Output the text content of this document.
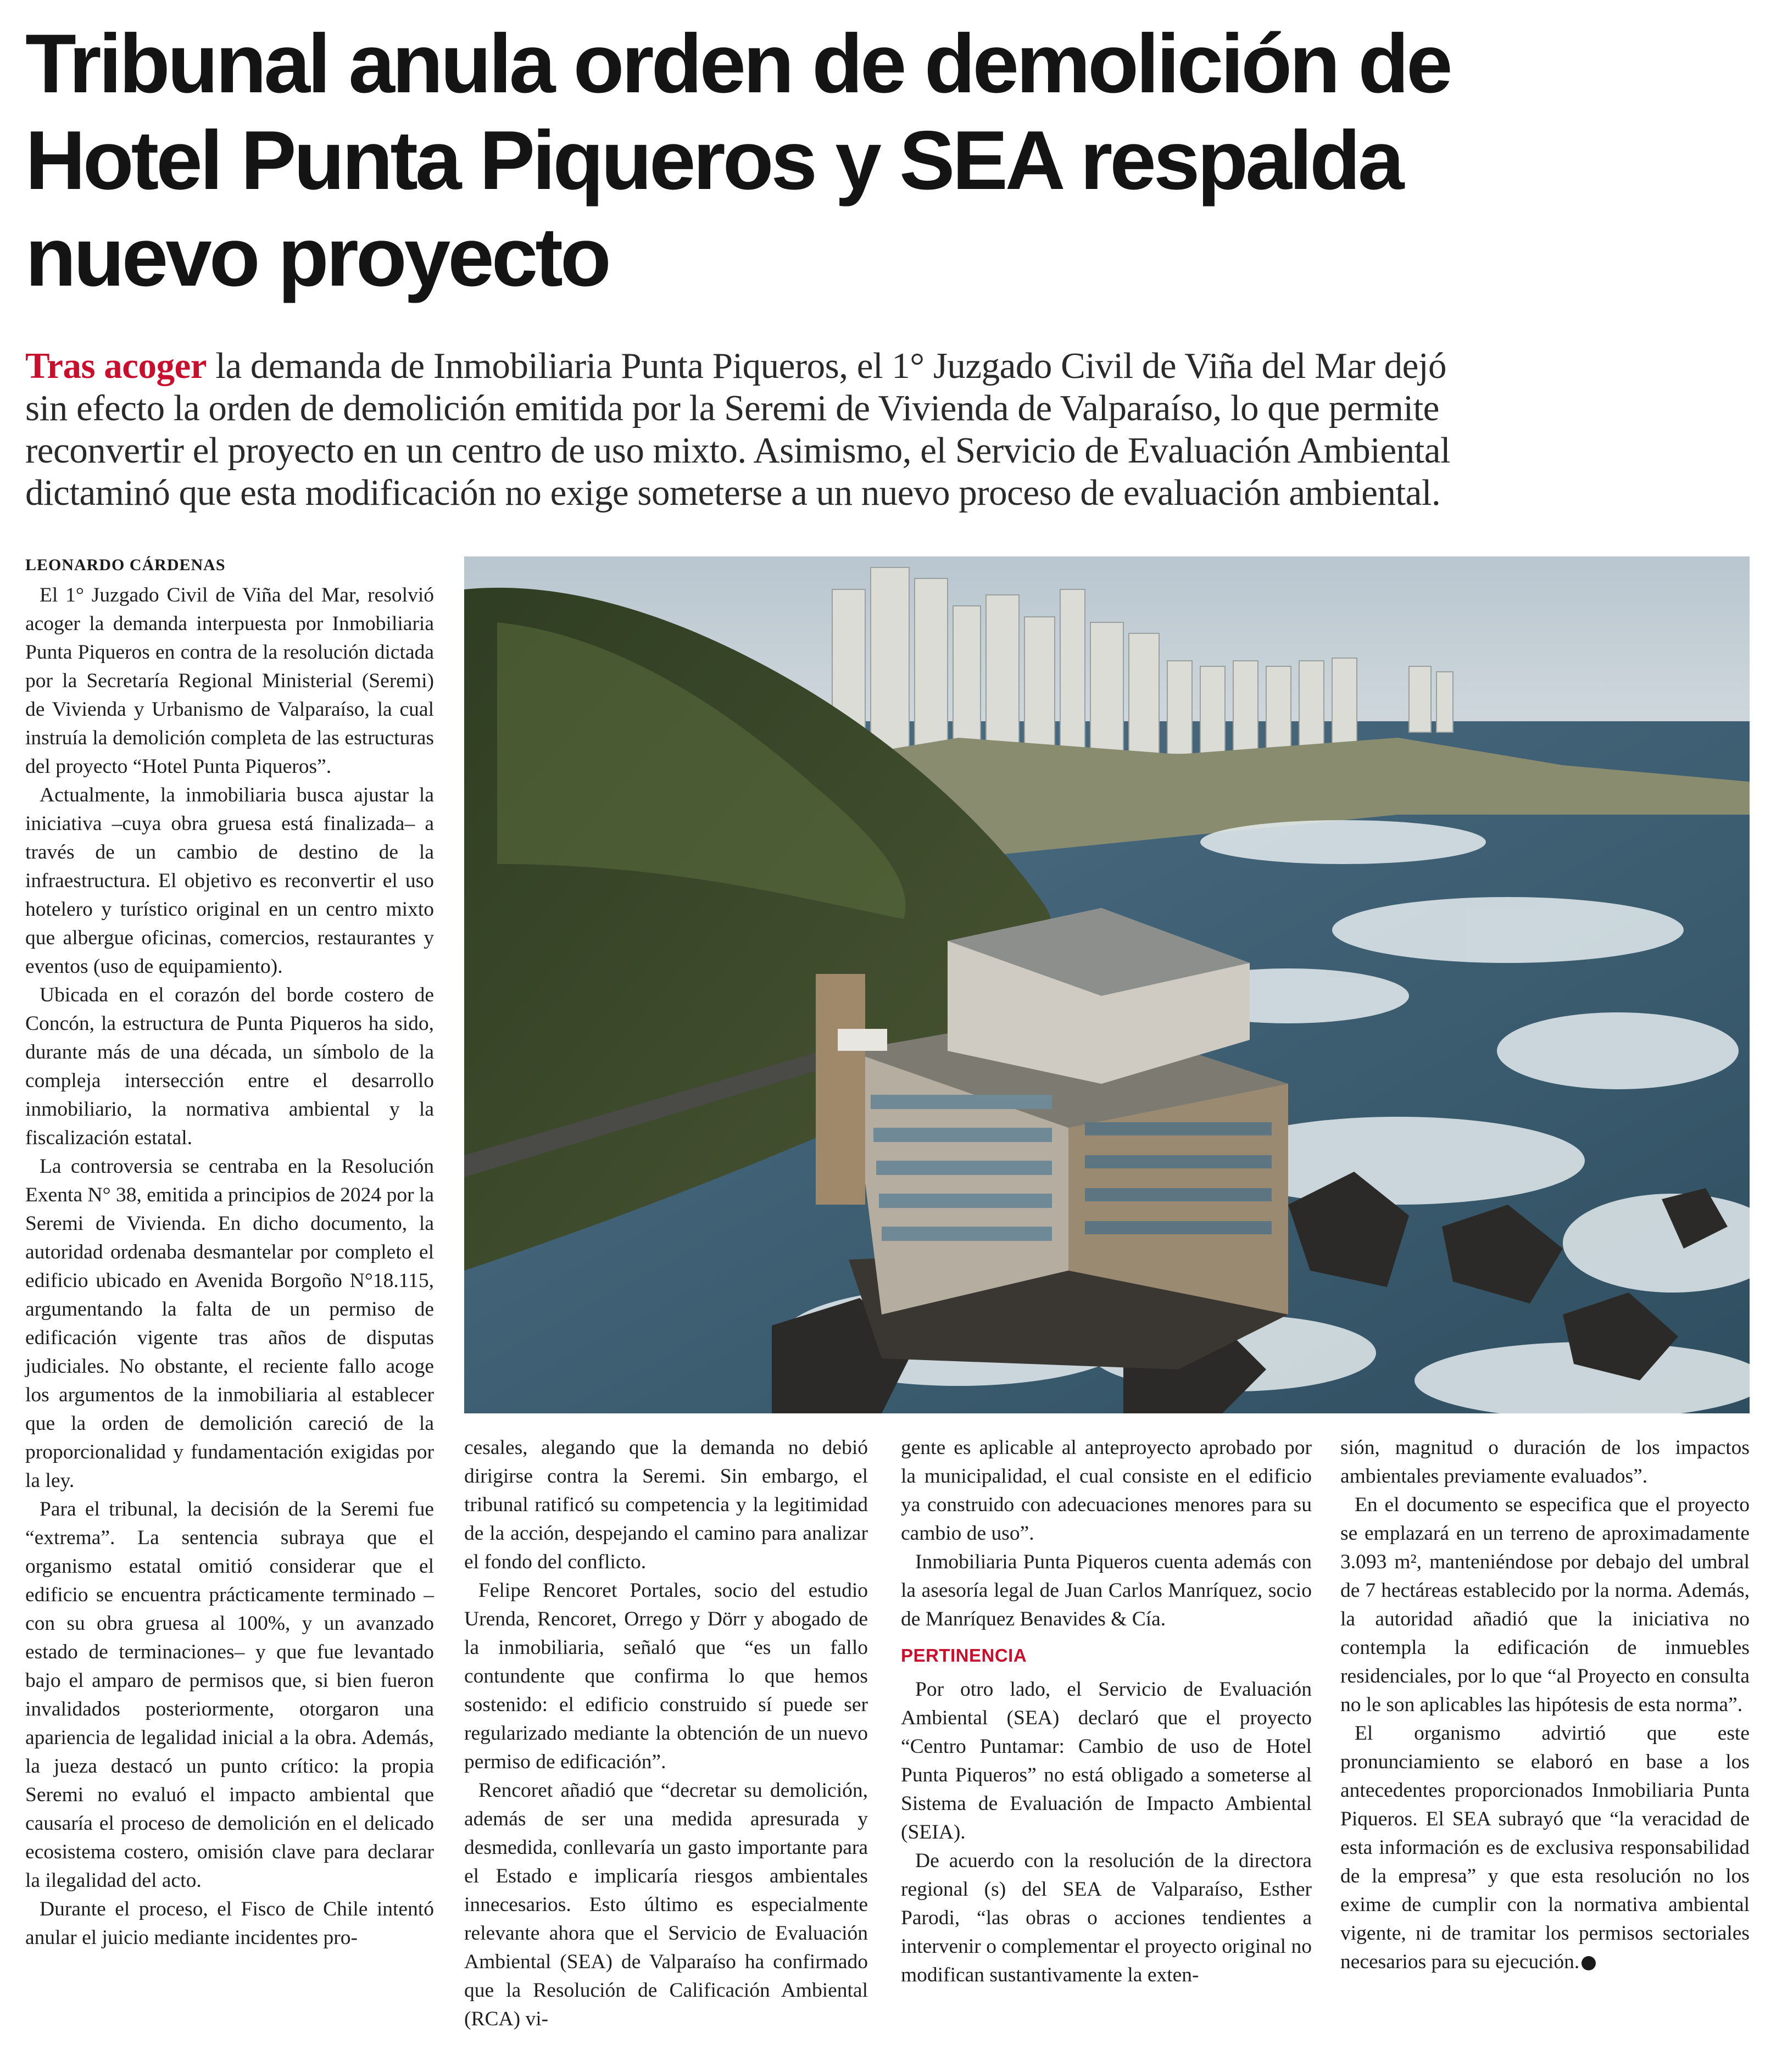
Tribunal anula orden de demolición de
Hotel Punta Piqueros y SEA respalda
nuevo proyecto
Tras acoger la demanda de Inmobiliaria Punta Piqueros, el 1° Juzgado Civil de Viña del Mar dejó
sin efecto la orden de demolición emitida por la Seremi de Vivienda de Valparaíso, lo que permite
reconvertir el proyecto en un centro de uso mixto. Asimismo, el Servicio de Evaluación Ambiental
dictaminó que esta modificación no exige someterse a un nuevo proceso de evaluación ambiental.
LEONARDO CÁRDENAS

El 1° Juzgado Civil de Viña del Mar, resolvió acoger la demanda interpuesta por Inmobiliaria Punta Piqueros en contra de la resolución dictada por la Secretaría Regional Ministerial (Seremi) de Vivienda y Urbanismo de Valparaíso, la cual instruía la demolición completa de las estructuras del proyecto “Hotel Punta Piqueros”.

Actualmente, la inmobiliaria busca ajustar la iniciativa –cuya obra gruesa está finalizada– a través de un cambio de destino de la infraestructura. El objetivo es reconvertir el uso hotelero y turístico original en un centro mixto que albergue oficinas, comercios, restaurantes y eventos (uso de equipamiento).

Ubicada en el corazón del borde costero de Concón, la estructura de Punta Piqueros ha sido, durante más de una década, un símbolo de la compleja intersección entre el desarrollo inmobiliario, la normativa ambiental y la fiscalización estatal.

La controversia se centraba en la Resolución Exenta N° 38, emitida a principios de 2024 por la Seremi de Vivienda. En dicho documento, la autoridad ordenaba desmantelar por completo el edificio ubicado en Avenida Borgoño N°18.115, argumentando la falta de un permiso de edificación vigente tras años de disputas judiciales. No obstante, el reciente fallo acoge los argumentos de la inmobiliaria al establecer que la orden de demolición careció de la proporcionalidad y fundamentación exigidas por la ley.

Para el tribunal, la decisión de la Seremi fue “extrema”. La sentencia subraya que el organismo estatal omitió considerar que el edificio se encuentra prácticamente terminado –con su obra gruesa al 100%, y un avanzado estado de terminaciones– y que fue levantado bajo el amparo de permisos que, si bien fueron invalidados posteriormente, otorgaron una apariencia de legalidad inicial a la obra. Además, la jueza destacó un punto crítico: la propia Seremi no evaluó el impacto ambiental que causaría el proceso de demolición en el delicado ecosistema costero, omisión clave para declarar la ilegalidad del acto.

Durante el proceso, el Fisco de Chile intentó anular el juicio mediante incidentes pro-

cesales, alegando que la demanda no debió dirigirse contra la Seremi. Sin embargo, el tribunal ratificó su competencia y la legitimidad de la acción, despejando el camino para analizar el fondo del conflicto.

Felipe Rencoret Portales, socio del estudio Urenda, Rencoret, Orrego y Dörr y abogado de la inmobiliaria, señaló que “es un fallo contundente que confirma lo que hemos sostenido: el edificio construido sí puede ser regularizado mediante la obtención de un nuevo permiso de edificación”.

Rencoret añadió que “decretar su demolición, además de ser una medida apresurada y desmedida, conllevaría un gasto importante para el Estado e implicaría riesgos ambientales innecesarios. Esto último es especialmente relevante ahora que el Servicio de Evaluación Ambiental (SEA) de Valparaíso ha confirmado que la Resolución de Calificación Ambiental (RCA) vi-

gente es aplicable al anteproyecto aprobado por la municipalidad, el cual consiste en el edificio ya construido con adecuaciones menores para su cambio de uso”.

Inmobiliaria Punta Piqueros cuenta además con la asesoría legal de Juan Carlos Manríquez, socio de Manríquez Benavides & Cía.

PERTINENCIA

Por otro lado, el Servicio de Evaluación Ambiental (SEA) declaró que el proyecto “Centro Puntamar: Cambio de uso de Hotel Punta Piqueros” no está obligado a someterse al Sistema de Evaluación de Impacto Ambiental (SEIA).

De acuerdo con la resolución de la directora regional (s) del SEA de Valparaíso, Esther Parodi, “las obras o acciones tendientes a intervenir o complementar el proyecto original no modifican sustantivamente la exten-

sión, magnitud o duración de los impactos ambientales previamente evaluados”.

En el documento se especifica que el proyecto se emplazará en un terreno de aproximadamente 3.093 m², manteniéndose por debajo del umbral de 7 hectáreas establecido por la norma. Además, la autoridad añadió que la iniciativa no contempla la edificación de inmuebles residenciales, por lo que “al Proyecto en consulta no le son aplicables las hipótesis de esta norma”.

El organismo advirtió que este pronunciamiento se elaboró en base a los antecedentes proporcionados Inmobiliaria Punta Piqueros. El SEA subrayó que “la veracidad de esta información es de exclusiva responsabilidad de la empresa” y que esta resolución no los exime de cumplir con la normativa ambiental vigente, ni de tramitar los permisos sectoriales necesarios para su ejecución. P
